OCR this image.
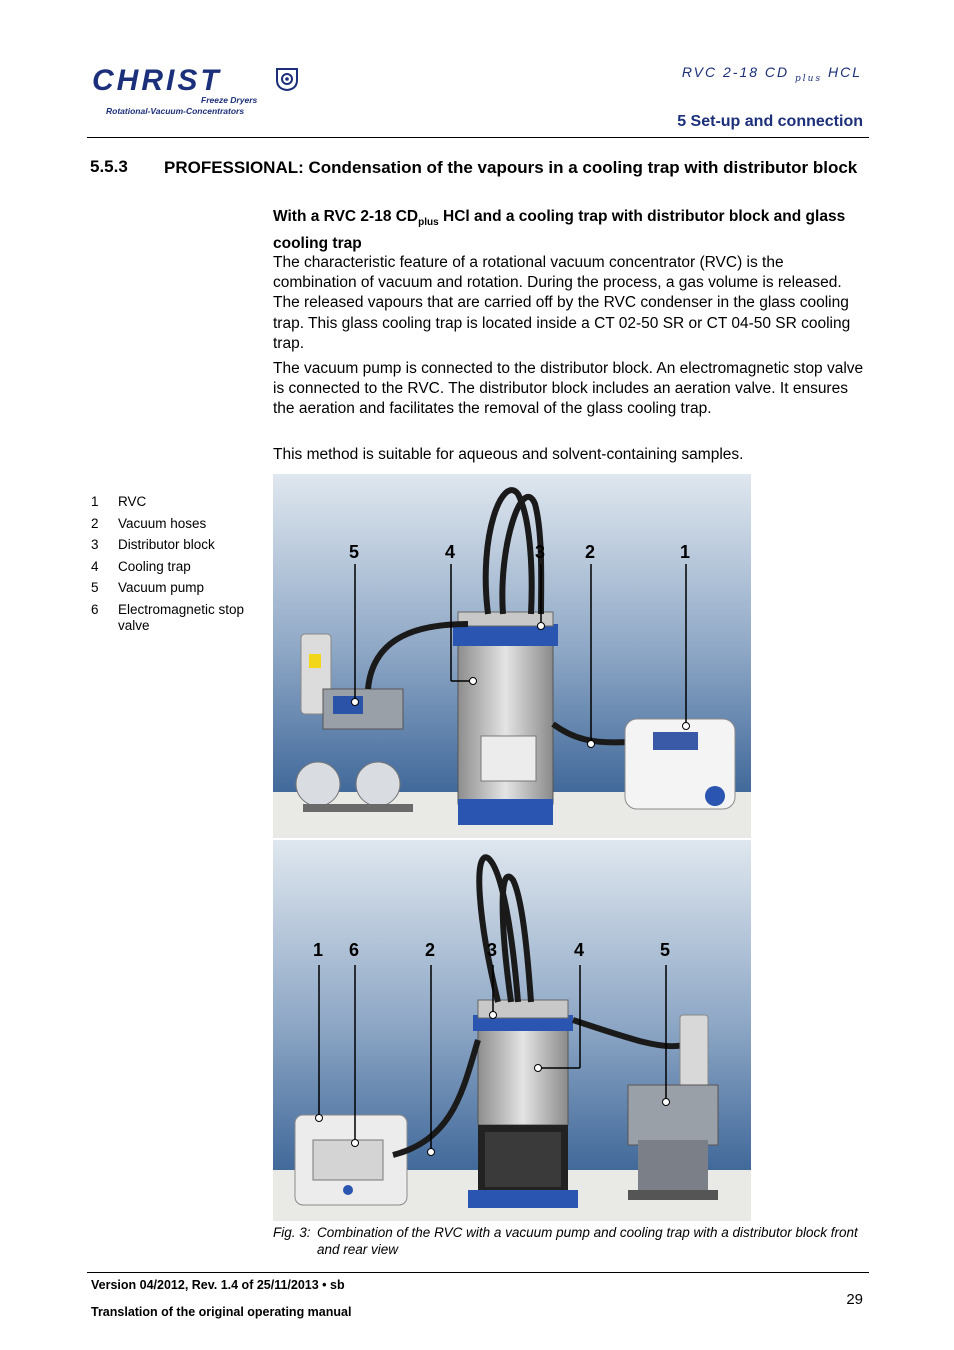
CHRIST
Freeze Dryers
Rotational-Vacuum-Concentrators
RVC 2-18 CD $_{plus}$ HCL
5 Set-up and connection
5.5.3 PROFESSIONAL: Condensation of the vapours in a cooling trap with distributor block
With a RVC 2-18 $CD_{plus}$ HCl and a cooling trap with distributor block and glass cooling trap
The characteristic feature of a rotational vacuum concentrator (RVC) is the combination of vacuum and rotation. During the process, a gas volume is released. The released vapours that are carried off by the RVC condenser in the glass cooling trap. This glass cooling trap is located inside a CT 02-50 SR or CT 04-50 SR cooling trap.
The vacuum pump is connected to the distributor block. An electromagnetic stop valve is connected to the RVC. The distributor block includes an aeration valve. It ensures the aeration and facilitates the removal of the glass cooling trap.
This method is suitable for aqueous and solvent-containing samples.
1	RVC
2	Vacuum hoses
3	Distributor block
4	Cooling trap
5	Vacuum pump
6	Electromagnetic stop valve
5	4	3 2	1
1 6	2	3	4	5
Fig. 3: Combination of the RVC with a vacuum pump and cooling trap with a distributor block front and rear view
Version 04/2012, Rev. 1.4 of 25/11/2013 • sb
Translation of the original operating manual
29
